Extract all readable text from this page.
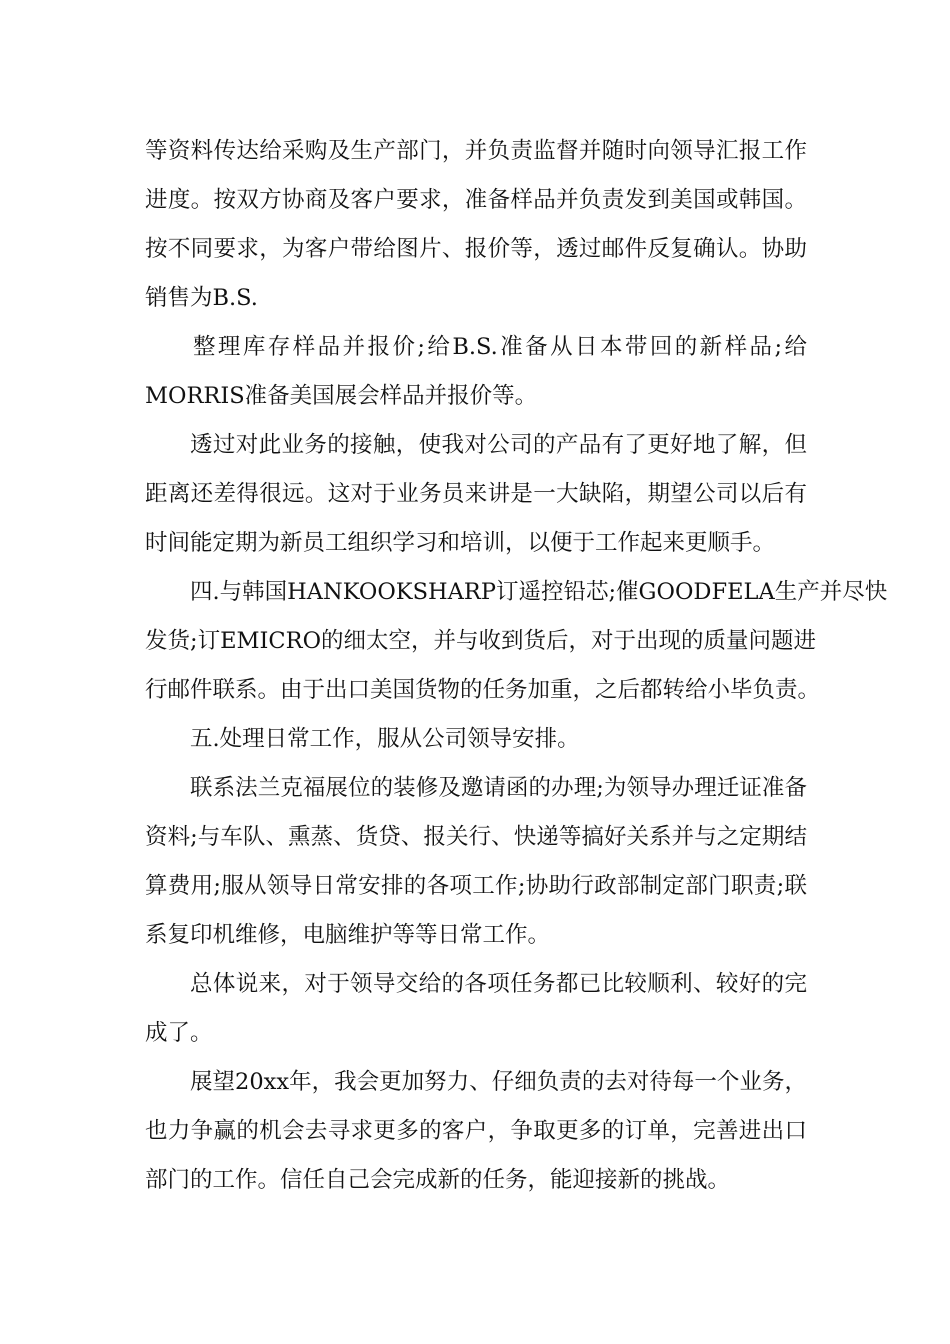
等资料传达给采购及生产部门，并负责监督并随时向领导汇报工作
进度。按双方协商及客户要求，准备样品并负责发到美国或韩国。
按不同要求，为客户带给图片、报价等，透过邮件反复确认。协助
销售为B.S.
整理库存样品并报价;给B.S.准备从日本带回的新样品;给
MORRIS准备美国展会样品并报价等。
透过对此业务的接触，使我对公司的产品有了更好地了解，但
距离还差得很远。这对于业务员来讲是一大缺陷，期望公司以后有
时间能定期为新员工组织学习和培训，以便于工作起来更顺手。
四.与韩国HANKOOKSHARP订遥控铅芯;催GOODFELA生产并尽快
发货;订EMICRO的细太空，并与收到货后，对于出现的质量问题进
行邮件联系。由于出口美国货物的任务加重，之后都转给小毕负责。
五.处理日常工作，服从公司领导安排。
联系法兰克福展位的装修及邀请函的办理;为领导办理迁证准备
资料;与车队、熏蒸、货贷、报关行、快递等搞好关系并与之定期结
算费用;服从领导日常安排的各项工作;协助行政部制定部门职责;联
系复印机维修，电脑维护等等日常工作。
总体说来，对于领导交给的各项任务都已比较顺利、较好的完
成了。
展望20xx年，我会更加努力、仔细负责的去对待每一个业务，
也力争赢的机会去寻求更多的客户，争取更多的订单，完善进出口
部门的工作。信任自己会完成新的任务，能迎接新的挑战。
